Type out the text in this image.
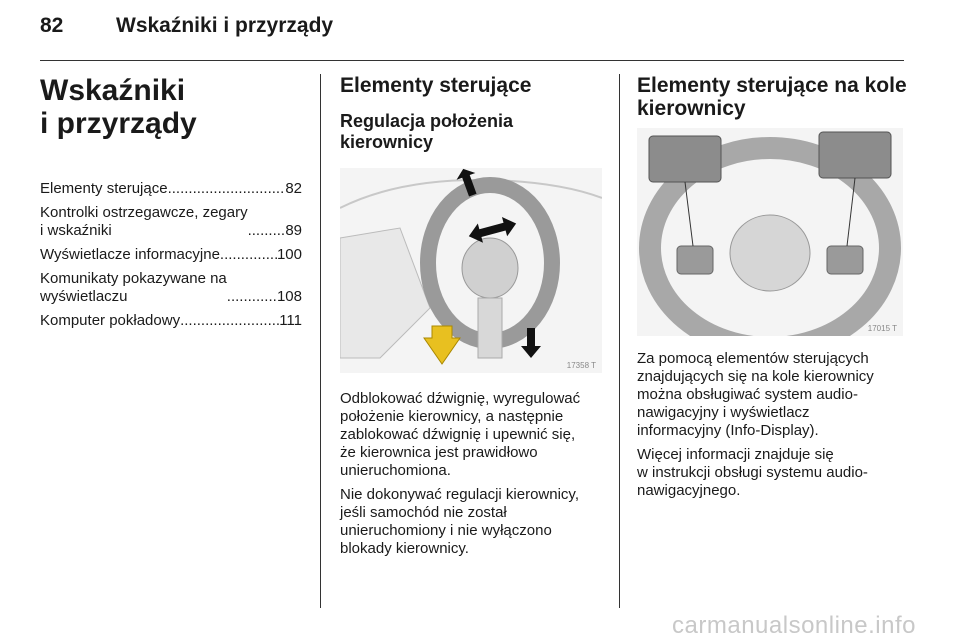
82	Wskaźniki i przyrządy
Wskaźniki
i przyrządy
Elementy sterujące .....	82
Kontrolki ostrzegawcze, zegary
i wskaźniki .....	89
Wyświetlacze informacyjne .....	100
Komunikaty pokazywane na
wyświetlaczu .....	108
Komputer pokładowy .....	111
Elementy sterujące
Regulacja położenia
kierownicy
17358 T

Odblokować dźwignię, wyregulować
położenie kierownicy, a następnie
zablokować dźwignię i upewnić się,
że kierownica jest prawidłowo
unieruchomiona.

Nie dokonywać regulacji kierownicy,
jeśli samochód nie został
unieruchomiony i nie wyłączono
blokady kierownicy.

Elementy sterujące na kole
kierownicy
17015 T

Za pomocą elementów sterujących
znajdujących się na kole kierownicy
można obsługiwać system audio-
nawigacyjny i wyświetlacz
informacyjny (Info-Display).

Więcej informacji znajduje się
w instrukcji obsługi systemu audio-
nawigacyjnego.

carmanualsonline.info
